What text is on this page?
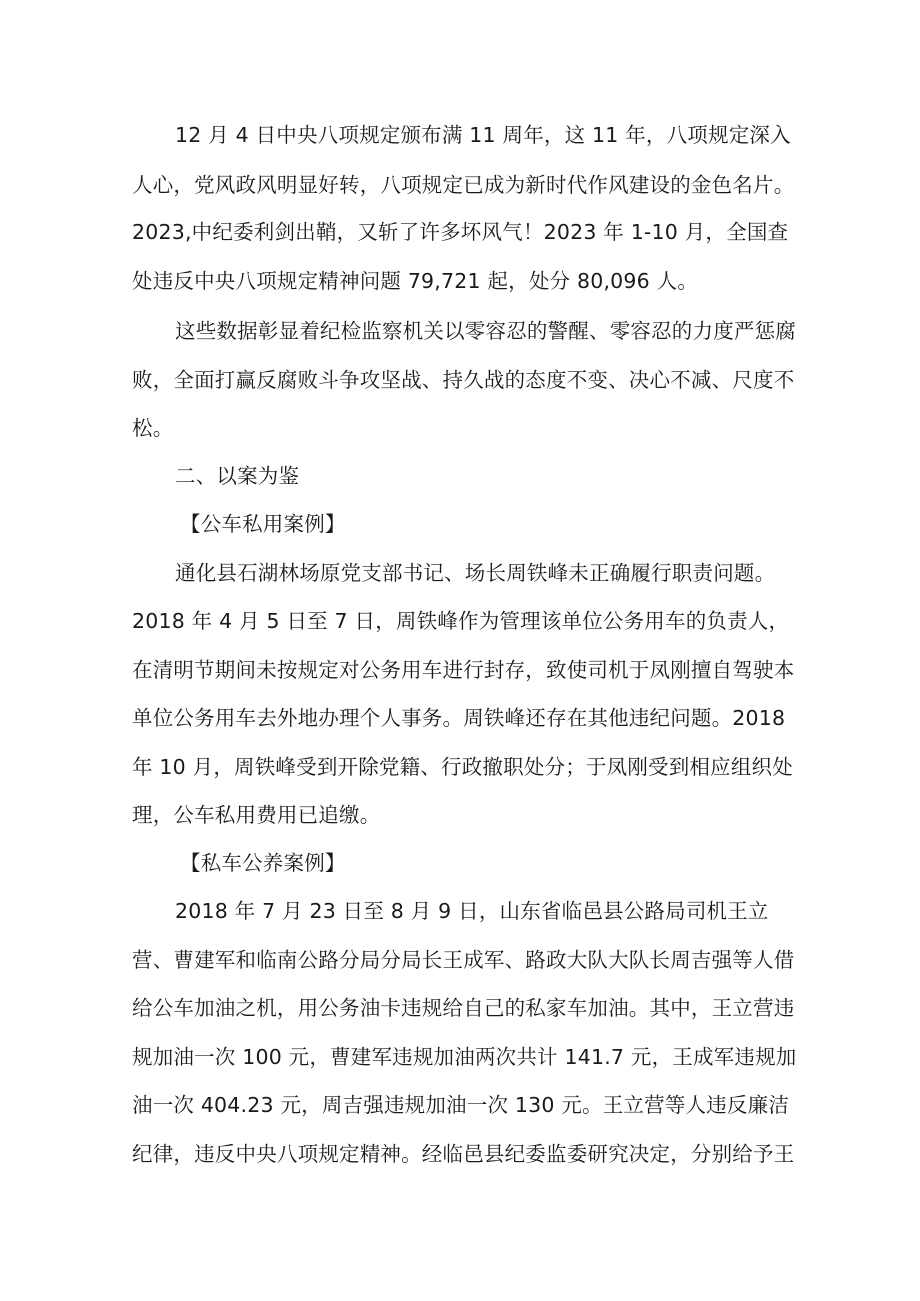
12 月 4 日中央八项规定颁布满 11 周年，这 11 年，八项规定深入
人心，党风政风明显好转，八项规定已成为新时代作风建设的金色名片。
2023,中纪委利剑出鞘，又斩了许多坏风气！2023 年 1-10 月，全国查
处违反中央八项规定精神问题 79,721 起，处分 80,096 人。
这些数据彰显着纪检监察机关以零容忍的警醒、零容忍的力度严惩腐
败，全面打赢反腐败斗争攻坚战、持久战的态度不变、决心不减、尺度不
松。
二、以案为鉴
【公车私用案例】
通化县石湖林场原党支部书记、场长周铁峰未正确履行职责问题。
2018 年 4 月 5 日至 7 日，周铁峰作为管理该单位公务用车的负责人，
在清明节期间未按规定对公务用车进行封存，致使司机于凤刚擅自驾驶本
单位公务用车去外地办理个人事务。周铁峰还存在其他违纪问题。2018
年 10 月，周铁峰受到开除党籍、行政撤职处分；于凤刚受到相应组织处
理，公车私用费用已追缴。
【私车公养案例】
2018 年 7 月 23 日至 8 月 9 日，山东省临邑县公路局司机王立
营、曹建军和临南公路分局分局长王成军、路政大队大队长周吉强等人借
给公车加油之机，用公务油卡违规给自己的私家车加油。其中，王立营违
规加油一次 100 元，曹建军违规加油两次共计 141.7 元，王成军违规加
油一次 404.23 元，周吉强违规加油一次 130 元。王立营等人违反廉洁
纪律，违反中央八项规定精神。经临邑县纪委监委研究决定，分别给予王
